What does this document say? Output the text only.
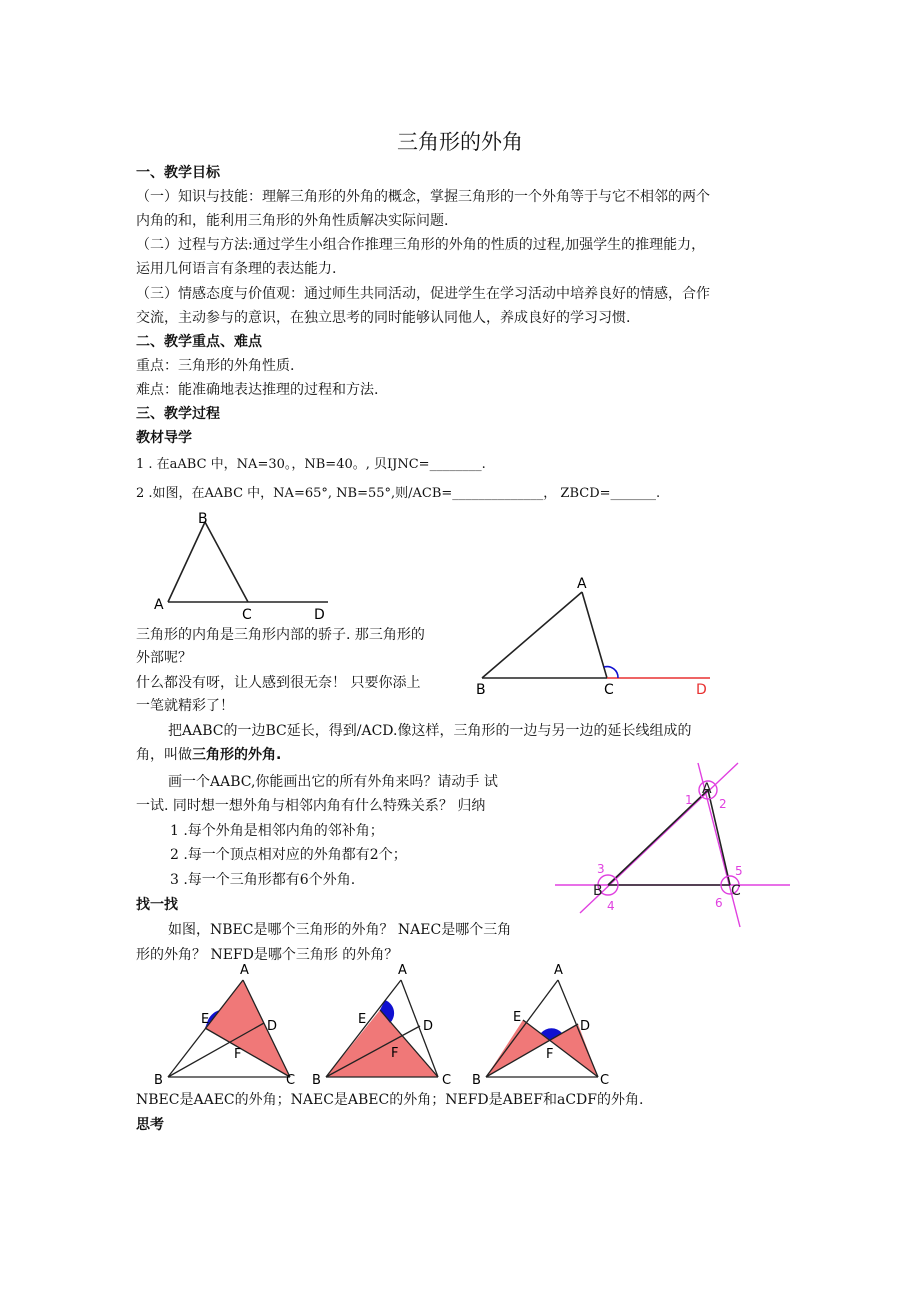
三角形的外角
一、教学目标
（一）知识与技能：理解三角形的外角的概念，掌握三角形的一个外角等于与它不相邻的两个
内角的和，能利用三角形的外角性质解决实际问题.
（二）过程与方法:通过学生小组合作推理三角形的外角的性质的过程,加强学生的推理能力，
运用几何语言有条理的表达能力.
（三）情感态度与价值观：通过师生共同活动，促进学生在学习活动中培养良好的情感，合作
交流，主动参与的意识，在独立思考的同时能够认同他人，养成良好的学习习惯.
二、教学重点、难点
重点：三角形的外角性质.
难点：能准确地表达推理的过程和方法.
三、教学过程
教材导学
1 . 在aABC 中，NA=30。，NB=40。, 贝IJNC=________.
2 .如图，在AABC 中，NA=65°, NB=55°,则/ACB=______________， ZBCD=_______.
B
A
C	D
三角形的内角是三角形内部的骄子. 那三角形的
外部呢？
什么都没有呀，让人感到很无奈！ 只要你添上
一笔就精彩了！
A
B	C	D
把AABC的一边BC延长，得到/ACD.像这样，三角形的一边与另一边的延长线组成的
角，叫做三角形的外角.
画一个AABC,你能画出它的所有外角来吗？请动手 试
一试. 同时想一想外角与相邻内角有什么特殊关系？ 归纳
1 .每个外角是相邻内角的邻补角；
2 .每一个顶点相对应的外角都有2个；
3 .每一个三角形都有6个外角.
A
B	C
1 2
3
4
5
6
找一找
如图，NBEC是哪个三角形的外角？ NAEC是哪个三角
形的外角？ NEFD是哪个三角形 的外角？
A
B	C
D
E
F
A
B	C
D
E
F
A
B	C
D
E
F
NBEC是AAEC的外角；NAEC是ABEC的外角；NEFD是ABEF和aCDF的外角.
思考
